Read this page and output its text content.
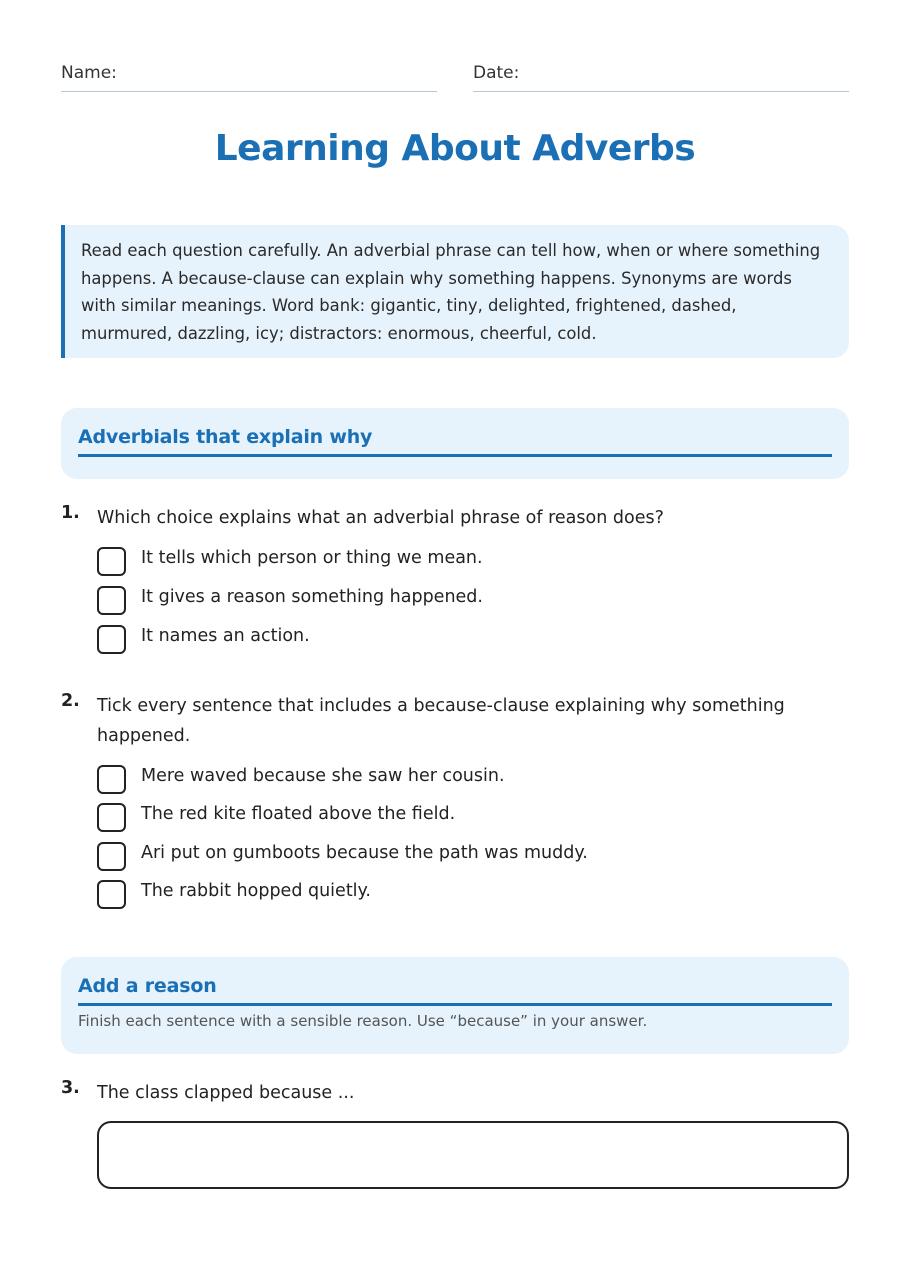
Name:	Date:
Learning About Adverbs

Read each question carefully. An adverbial phrase can tell how, when or where something happens. A because-clause can explain why something happens. Synonyms are words with similar meanings. Word bank: gigantic, tiny, delighted, frightened, dashed, murmured, dazzling, icy; distractors: enormous, cheerful, cold.

Adverbials that explain why
1. Which choice explains what an adverbial phrase of reason does?
It tells which person or thing we mean.
It gives a reason something happened.
It names an action.
2. Tick every sentence that includes a because-clause explaining why something happened.
Mere waved because she saw her cousin.
The red kite floated above the field.
Ari put on gumboots because the path was muddy.
The rabbit hopped quietly.
Add a reason
Finish each sentence with a sensible reason. Use “because” in your answer.
3. The class clapped because ...
